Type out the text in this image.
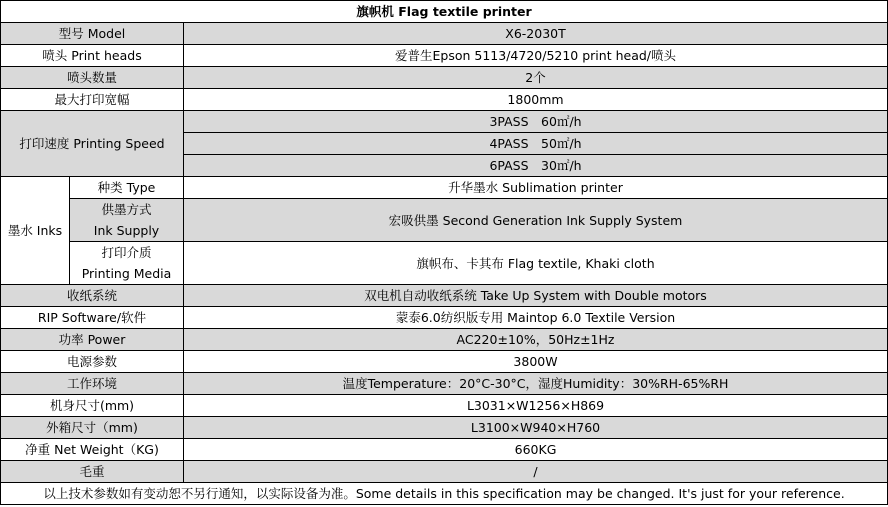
旗帜机 Flag textile printer		
型号 Model		X6-2030T
喷头 Print heads		爱普生Epson 5113/4720/5210 print head/喷头
喷头数量		2个
最大打印宽幅		1800mm
打印速度 Printing Speed		3PASS　60㎡/h
		4PASS　50㎡/h
		6PASS　30㎡/h
墨水 Inks	种类 Type	升华墨水 Sublimation printer

	供墨方式
Ink Supply	宏吸供墨 Second Generation Ink Supply System

	打印介质
Printing Media	旗帜布、卡其布 Flag textile, Khaki cloth
收纸系统		双电机自动收纸系统 Take Up System with Double motors
RIP Software/软件		蒙泰6.0纺织版专用 Maintop 6.0 Textile Version
功率 Power		AC220±10%，50Hz±1Hz
电源参数		3800W
工作环境		温度Temperature：20°C-30°C，湿度Humidity：30%RH-65%RH
机身尺寸(mm)		L3031×W1256×H869
外箱尺寸（mm)		L3100×W940×H760
净重 Net Weight（KG)		660KG
毛重		/
以上技术参数如有变动恕不另行通知，以实际设备为准。Some details in this specification may be changed. It's just for your reference.		
